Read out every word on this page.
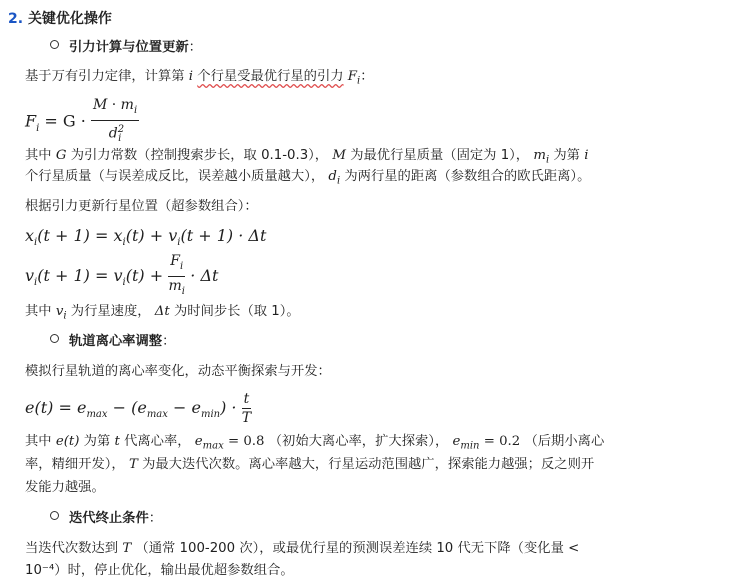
2. 关键优化操作
引力计算与位置更新：
基于万有引力定律，计算第 i 个行星受最优行星的引力 $F_i$：
$F_i = G \cdot \frac{M \cdot m_i}{d^2_i}$
其中 G 为引力常数（控制搜索步长，取 0.1-0.3）， M 为最优行星质量（固定为 1）， $m_i$ 为第 i
个行星质量（与误差成反比，误差越小质量越大）， $d_i$ 为两行星的距离（参数组合的欧氏距离）。
根据引力更新行星位置（超参数组合）：
$x_i(t + 1) = x_i(t) + v_i(t + 1) \cdot \Delta t$
$v_i(t + 1) = v_i(t) + \frac{F_i}{m_i} \cdot \Delta t$
其中 $v_i$ 为行星速度， Δt 为时间步长（取 1）。
轨道离心率调整：
模拟行星轨道的离心率变化，动态平衡探索与开发：
$e(t) = e_{max} - (e_{max} - e_{min}) \cdot \frac{t}{T}$
其中 e(t) 为第 t 代离心率， $e_{max} = 0.8$ （初始大离心率，扩大探索）， $e_{min} = 0.2$ （后期小离心
率，精细开发）， T 为最大迭代次数。离心率越大，行星运动范围越广，探索能力越强；反之则开
发能力越强。
迭代终止条件：
当迭代次数达到 T （通常 100-200 次），或最优行星的预测误差连续 10 代无下降（变化量 <
10⁻⁴）时，停止优化，输出最优超参数组合。
